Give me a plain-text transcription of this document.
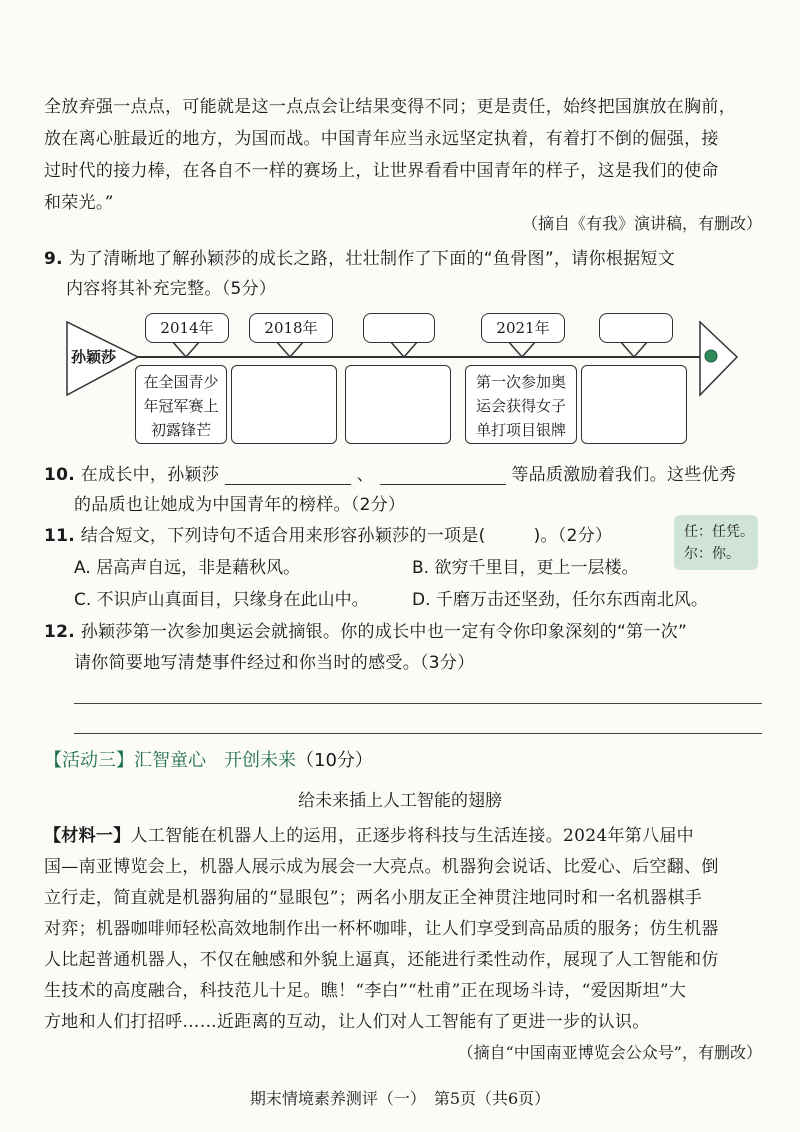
全放弃强一点点，可能就是这一点点会让结果变得不同；更是责任，始终把国旗放在胸前，
放在离心脏最近的地方，为国而战。中国青年应当永远坚定执着，有着打不倒的倔强，接
过时代的接力棒，在各自不一样的赛场上，让世界看看中国青年的样子，这是我们的使命
和荣光。”
（摘自《有我》演讲稿，有删改）
9. 为了清晰地了解孙颖莎的成长之路，壮壮制作了下面的“鱼骨图”，请你根据短文
内容将其补充完整。（5分）
孙颖莎
2014年	2018年	2021年
在全国青少
年冠军赛上
初露锋芒
第一次参加奥
运会获得女子
单打项目银牌
10. 在成长中，孙颖莎	、	等品质激励着我们。这些优秀
的品质也让她成为中国青年的榜样。（2分）
11. 结合短文，下列诗句不适合用来形容孙颖莎的一项是(	)。（2分）
A. 居高声自远，非是藉秋风。	B. 欲穷千里目，更上一层楼。
C. 不识庐山真面目，只缘身在此山中。	D. 千磨万击还坚劲，任尔东西南北风。
任：任凭。
尔：你。
12. 孙颖莎第一次参加奥运会就摘银。你的成长中也一定有令你印象深刻的“第一次”
请你简要地写清楚事件经过和你当时的感受。（3分）
【活动三】汇智童心　开创未来（10分）
给未来插上人工智能的翅膀
【材料一】人工智能在机器人上的运用，正逐步将科技与生活连接。2024年第八届中
国—南亚博览会上，机器人展示成为展会一大亮点。机器狗会说话、比爱心、后空翻、倒
立行走，简直就是机器狗届的“显眼包”；两名小朋友正全神贯注地同时和一名机器棋手
对弈；机器咖啡师轻松高效地制作出一杯杯咖啡，让人们享受到高品质的服务；仿生机器
人比起普通机器人，不仅在触感和外貌上逼真，还能进行柔性动作，展现了人工智能和仿
生技术的高度融合，科技范儿十足。瞧！“李白”“杜甫”正在现场斗诗，“爱因斯坦”大
方地和人们打招呼……近距离的互动，让人们对人工智能有了更进一步的认识。
（摘自“中国南亚博览会公众号”，有删改）
期末情境素养测评（一）　第5页（共6页）
